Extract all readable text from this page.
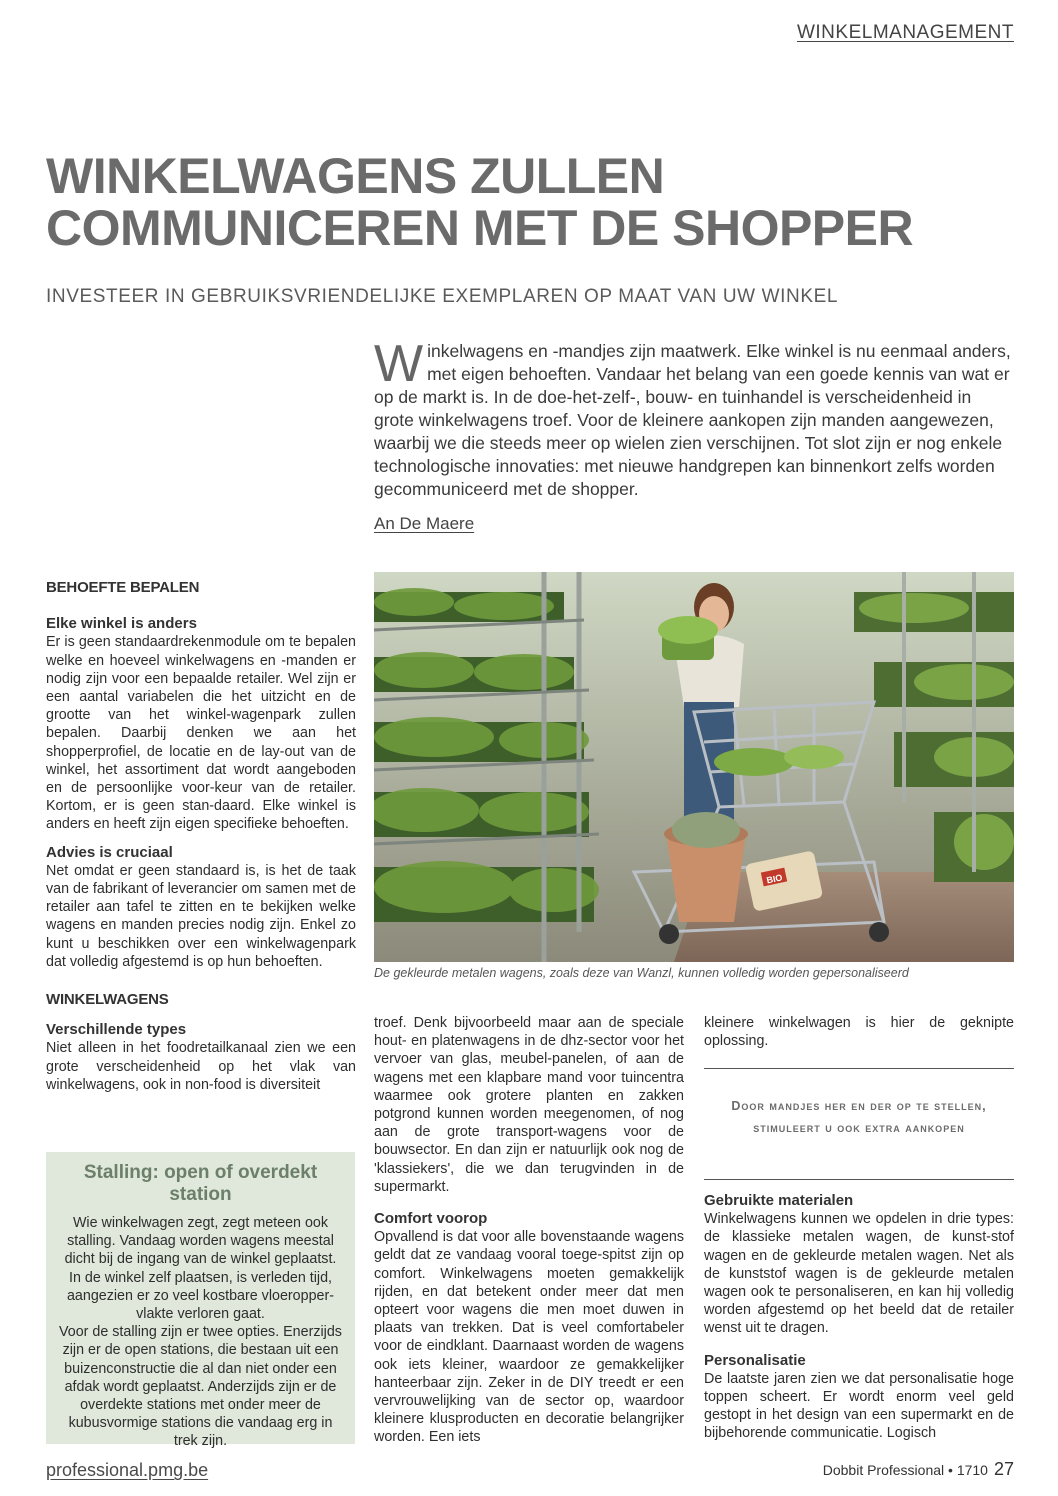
WINKELMANAGEMENT
WINKELWAGENS ZULLEN
COMMUNICEREN MET DE SHOPPER
INVESTEER IN GEBRUIKSVRIENDELIJKE EXEMPLAREN OP MAAT VAN UW WINKEL
Winkelwagens en -mandjes zijn maatwerk. Elke winkel is nu eenmaal anders, met eigen behoeften. Vandaar het belang van een goede kennis van wat er op de markt is. In de doe-het-zelf-, bouw- en tuinhandel is verscheidenheid in grote winkelwagens troef. Voor de kleinere aankopen zijn manden aangewezen, waarbij we die steeds meer op wielen zien verschijnen. Tot slot zijn er nog enkele technologische innovaties: met nieuwe handgrepen kan binnenkort zelfs worden gecommuniceerd met de shopper.
An De Maere

BEHOEFTE BEPALEN

Elke winkel is anders

Er is geen standaardrekenmodule om te bepalen welke en hoeveel winkelwagens en -manden er nodig zijn voor een bepaalde retailer. Wel zijn er een aantal variabelen die het uitzicht en de grootte van het winkel-wagenpark zullen bepalen. Daarbij denken we aan het shopperprofiel, de locatie en de lay-out van de winkel, het assortiment dat wordt aangeboden en de persoonlijke voor-keur van de retailer. Kortom, er is geen stan-daard. Elke winkel is anders en heeft zijn eigen specifieke behoeften.

Advies is cruciaal

Net omdat er geen standaard is, is het de taak van de fabrikant of leverancier om samen met de retailer aan tafel te zitten en te bekijken welke wagens en manden precies nodig zijn. Enkel zo kunt u beschikken over een winkelwagenpark dat volledig afgestemd is op hun behoeften.

WINKELWAGENS

Verschillende types

Niet alleen in het foodretailkanaal zien we een grote verscheidenheid op het vlak van winkelwagens, ook in non-food is diversiteit

Stalling: open of overdekt station

Wie winkelwagen zegt, zegt meteen ook stalling. Vandaag worden wagens meestal dicht bij de ingang van de winkel geplaatst. In de winkel zelf plaatsen, is verleden tijd, aangezien er zo veel kostbare vloeropper-vlakte verloren gaat.

Voor de stalling zijn er twee opties. Enerzijds zijn er de open stations, die bestaan uit een buizenconstructie die al dan niet onder een afdak wordt geplaatst. Anderzijds zijn er de overdekte stations met onder meer de kubusvormige stations die vandaag erg in trek zijn.

BIO
De gekleurde metalen wagens, zoals deze van Wanzl, kunnen volledig worden gepersonaliseerd

troef. Denk bijvoorbeeld maar aan de speciale hout- en platenwagens in de dhz-sector voor het vervoer van glas, meubel-panelen, of aan de wagens met een klapbare mand voor tuincentra waarmee ook grotere planten en zakken potgrond kunnen worden meegenomen, of nog aan de grote transport-wagens voor de bouwsector. En dan zijn er natuurlijk ook nog de 'klassiekers', die we dan terugvinden in de supermarkt.

Comfort voorop

Opvallend is dat voor alle bovenstaande wagens geldt dat ze vandaag vooral toege-spitst zijn op comfort. Winkelwagens moeten gemakkelijk rijden, en dat betekent onder meer dat men opteert voor wagens die men moet duwen in plaats van trekken. Dat is veel comfortabeler voor de eindklant. Daarnaast worden de wagens ook iets kleiner, waardoor ze gemakkelijker hanteerbaar zijn. Zeker in de DIY treedt er een vervrouwelijking van de sector op, waardoor kleinere klusproducten en decoratie belangrijker worden. Een iets

kleinere winkelwagen is hier de geknipte oplossing.

Door mandjes her en der op te stellen, stimuleert u ook extra aankopen

Gebruikte materialen

Winkelwagens kunnen we opdelen in drie types: de klassieke metalen wagen, de kunst-stof wagen en de gekleurde metalen wagen. Net als de kunststof wagen is de gekleurde metalen wagen ook te personaliseren, en kan hij volledig worden afgestemd op het beeld dat de retailer wenst uit te dragen.

Personalisatie

De laatste jaren zien we dat personalisatie hoge toppen scheert. Er wordt enorm veel geld gestopt in het design van een supermarkt en de bijbehorende communicatie. Logisch

professional.pmg.be	Dobbit Professional • 1710 27
